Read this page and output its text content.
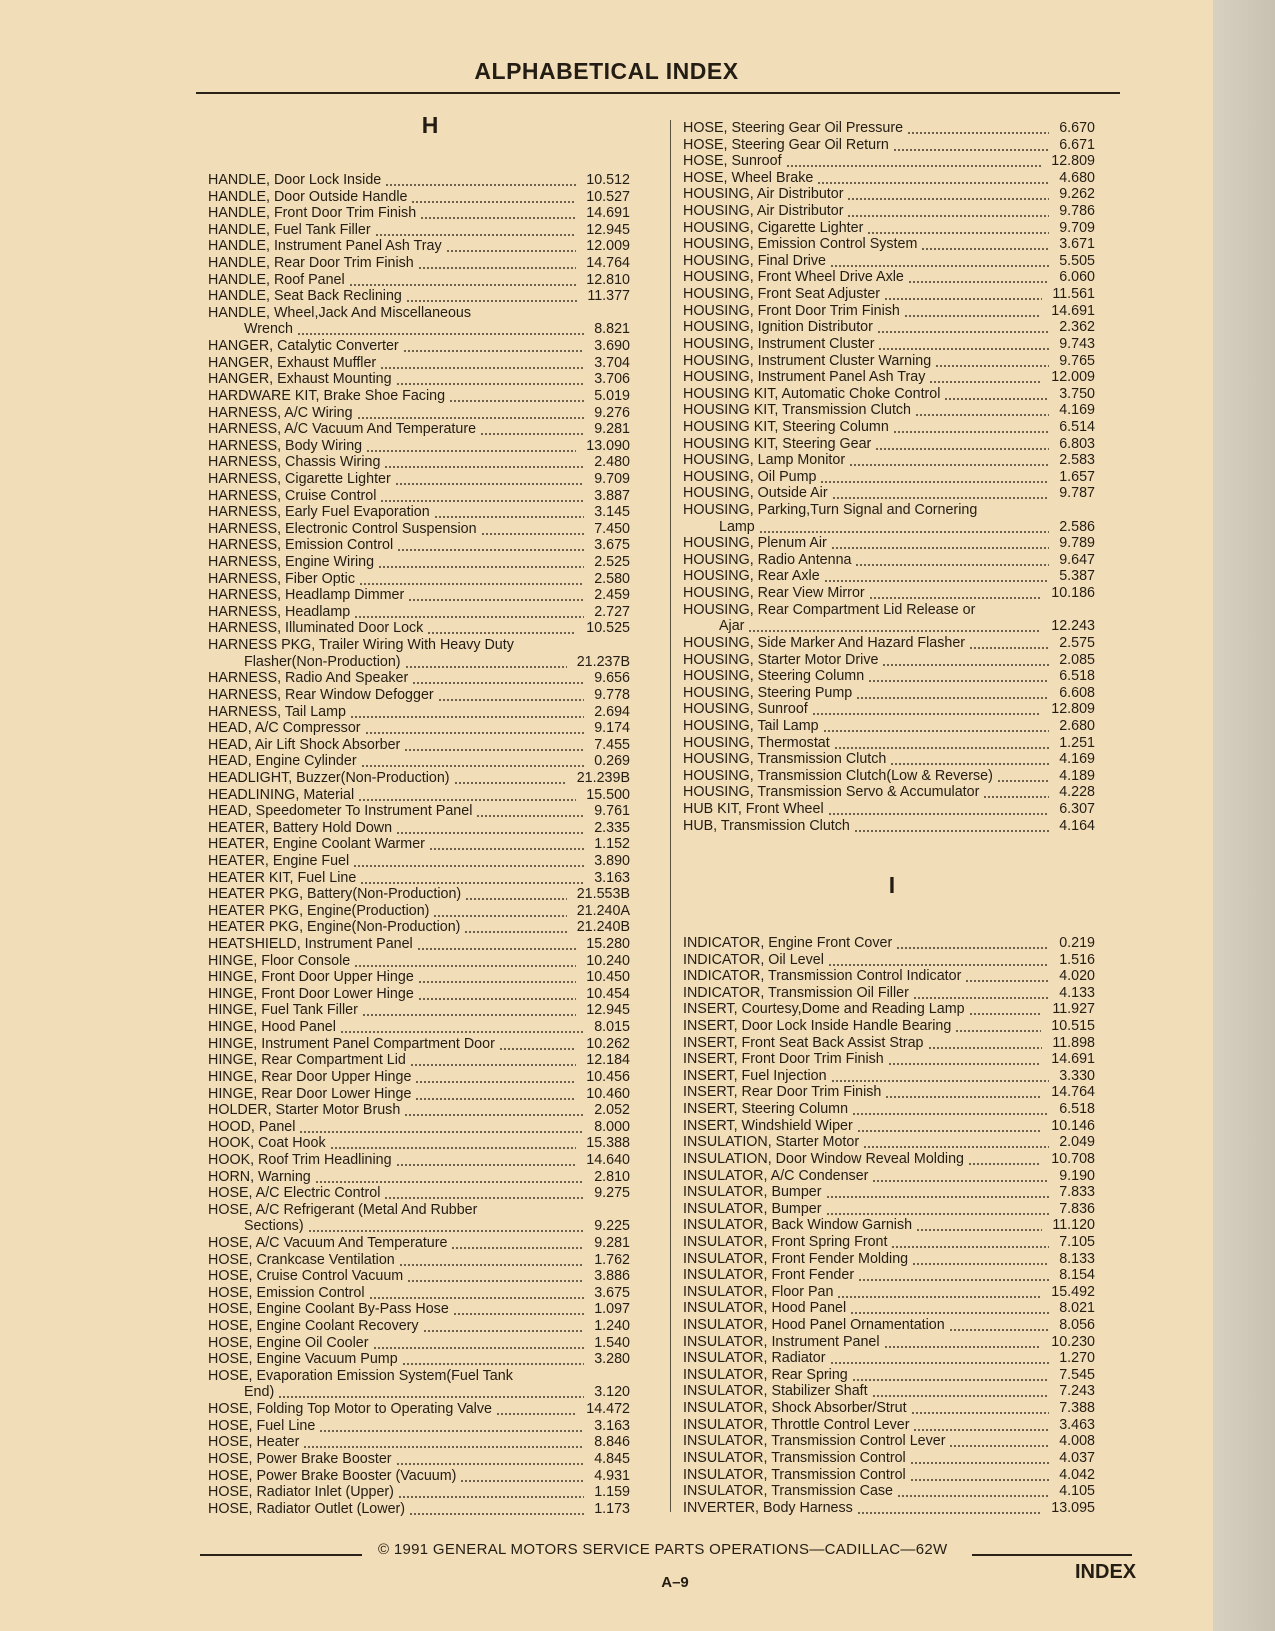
ALPHABETICAL INDEX
H
I
HANDLE, Door Lock Inside	10.512
HANDLE, Door Outside Handle	10.527
HANDLE, Front Door Trim Finish	14.691
HANDLE, Fuel Tank Filler	12.945
HANDLE, Instrument Panel Ash Tray	12.009
HANDLE, Rear Door Trim Finish	14.764
HANDLE, Roof Panel	12.810
HANDLE, Seat Back Reclining	11.377
HANDLE, Wheel,Jack And Miscellaneous
Wrench	8.821
HANGER, Catalytic Converter	3.690
HANGER, Exhaust Muffler	3.704
HANGER, Exhaust Mounting	3.706
HARDWARE KIT, Brake Shoe Facing	5.019
HARNESS, A/C Wiring	9.276
HARNESS, A/C Vacuum And Temperature	9.281
HARNESS, Body Wiring	13.090
HARNESS, Chassis Wiring	2.480
HARNESS, Cigarette Lighter	9.709
HARNESS, Cruise Control	3.887
HARNESS, Early Fuel Evaporation	3.145
HARNESS, Electronic Control Suspension	7.450
HARNESS, Emission Control	3.675
HARNESS, Engine Wiring	2.525
HARNESS, Fiber Optic	2.580
HARNESS, Headlamp Dimmer	2.459
HARNESS, Headlamp	2.727
HARNESS, Illuminated Door Lock	10.525
HARNESS PKG, Trailer Wiring With Heavy Duty
Flasher(Non-Production)	21.237B
HARNESS, Radio And Speaker	9.656
HARNESS, Rear Window Defogger	9.778
HARNESS, Tail Lamp	2.694
HEAD, A/C Compressor	9.174
HEAD, Air Lift Shock Absorber	7.455
HEAD, Engine Cylinder	0.269
HEADLIGHT, Buzzer(Non-Production)	21.239B
HEADLINING, Material	15.500
HEAD, Speedometer To Instrument Panel	9.761
HEATER, Battery Hold Down	2.335
HEATER, Engine Coolant Warmer	1.152
HEATER, Engine Fuel	3.890
HEATER KIT, Fuel Line	3.163
HEATER PKG, Battery(Non-Production)	21.553B
HEATER PKG, Engine(Production)	21.240A
HEATER PKG, Engine(Non-Production)	21.240B
HEATSHIELD, Instrument Panel	15.280
HINGE, Floor Console	10.240
HINGE, Front Door Upper Hinge	10.450
HINGE, Front Door Lower Hinge	10.454
HINGE, Fuel Tank Filler	12.945
HINGE, Hood Panel	8.015
HINGE, Instrument Panel Compartment Door	10.262
HINGE, Rear Compartment Lid	12.184
HINGE, Rear Door Upper Hinge	10.456
HINGE, Rear Door Lower Hinge	10.460
HOLDER, Starter Motor Brush	2.052
HOOD, Panel	8.000
HOOK, Coat Hook	15.388
HOOK, Roof Trim Headlining	14.640
HORN, Warning	2.810
HOSE, A/C Electric Control	9.275
HOSE, A/C Refrigerant (Metal And Rubber
Sections)	9.225
HOSE, A/C Vacuum And Temperature	9.281
HOSE, Crankcase Ventilation	1.762
HOSE, Cruise Control Vacuum	3.886
HOSE, Emission Control	3.675
HOSE, Engine Coolant By-Pass Hose	1.097
HOSE, Engine Coolant Recovery	1.240
HOSE, Engine Oil Cooler	1.540
HOSE, Engine Vacuum Pump	3.280
HOSE, Evaporation Emission System(Fuel Tank
End)	3.120
HOSE, Folding Top Motor to Operating Valve	14.472
HOSE, Fuel Line	3.163
HOSE, Heater	8.846
HOSE, Power Brake Booster	4.845
HOSE, Power Brake Booster (Vacuum)	4.931
HOSE, Radiator Inlet (Upper)	1.159
HOSE, Radiator Outlet (Lower)	1.173
HOSE, Steering Gear Oil Pressure	6.670
HOSE, Steering Gear Oil Return	6.671
HOSE, Sunroof	12.809
HOSE, Wheel Brake	4.680
HOUSING, Air Distributor	9.262
HOUSING, Air Distributor	9.786
HOUSING, Cigarette Lighter	9.709
HOUSING, Emission Control System	3.671
HOUSING, Final Drive	5.505
HOUSING, Front Wheel Drive Axle	6.060
HOUSING, Front Seat Adjuster	11.561
HOUSING, Front Door Trim Finish	14.691
HOUSING, Ignition Distributor	2.362
HOUSING, Instrument Cluster	9.743
HOUSING, Instrument Cluster Warning	9.765
HOUSING, Instrument Panel Ash Tray	12.009
HOUSING KIT, Automatic Choke Control	3.750
HOUSING KIT, Transmission Clutch	4.169
HOUSING KIT, Steering Column	6.514
HOUSING KIT, Steering Gear	6.803
HOUSING, Lamp Monitor	2.583
HOUSING, Oil Pump	1.657
HOUSING, Outside Air	9.787
HOUSING, Parking,Turn Signal and Cornering
Lamp	2.586
HOUSING, Plenum Air	9.789
HOUSING, Radio Antenna	9.647
HOUSING, Rear Axle	5.387
HOUSING, Rear View Mirror	10.186
HOUSING, Rear Compartment Lid Release or
Ajar	12.243
HOUSING, Side Marker And Hazard Flasher	2.575
HOUSING, Starter Motor Drive	2.085
HOUSING, Steering Column	6.518
HOUSING, Steering Pump	6.608
HOUSING, Sunroof	12.809
HOUSING, Tail Lamp	2.680
HOUSING, Thermostat	1.251
HOUSING, Transmission Clutch	4.169
HOUSING, Transmission Clutch(Low & Reverse)	4.189
HOUSING, Transmission Servo & Accumulator	4.228
HUB KIT, Front Wheel	6.307
HUB, Transmission Clutch	4.164
INDICATOR, Engine Front Cover	0.219
INDICATOR, Oil Level	1.516
INDICATOR, Transmission Control Indicator	4.020
INDICATOR, Transmission Oil Filler	4.133
INSERT, Courtesy,Dome and Reading Lamp	11.927
INSERT, Door Lock Inside Handle Bearing	10.515
INSERT, Front Seat Back Assist Strap	11.898
INSERT, Front Door Trim Finish	14.691
INSERT, Fuel Injection	3.330
INSERT, Rear Door Trim Finish	14.764
INSERT, Steering Column	6.518
INSERT, Windshield Wiper	10.146
INSULATION, Starter Motor	2.049
INSULATION, Door Window Reveal Molding	10.708
INSULATOR, A/C Condenser	9.190
INSULATOR, Bumper	7.833
INSULATOR, Bumper	7.836
INSULATOR, Back Window Garnish	11.120
INSULATOR, Front Spring Front	7.105
INSULATOR, Front Fender Molding	8.133
INSULATOR, Front Fender	8.154
INSULATOR, Floor Pan	15.492
INSULATOR, Hood Panel	8.021
INSULATOR, Hood Panel Ornamentation	8.056
INSULATOR, Instrument Panel	10.230
INSULATOR, Radiator	1.270
INSULATOR, Rear Spring	7.545
INSULATOR, Stabilizer Shaft	7.243
INSULATOR, Shock Absorber/Strut	7.388
INSULATOR, Throttle Control Lever	3.463
INSULATOR, Transmission Control Lever	4.008
INSULATOR, Transmission Control	4.037
INSULATOR, Transmission Control	4.042
INSULATOR, Transmission Case	4.105
INVERTER, Body Harness	13.095
© 1991 GENERAL MOTORS SERVICE PARTS OPERATIONS—CADILLAC—62W
A–9	INDEX
